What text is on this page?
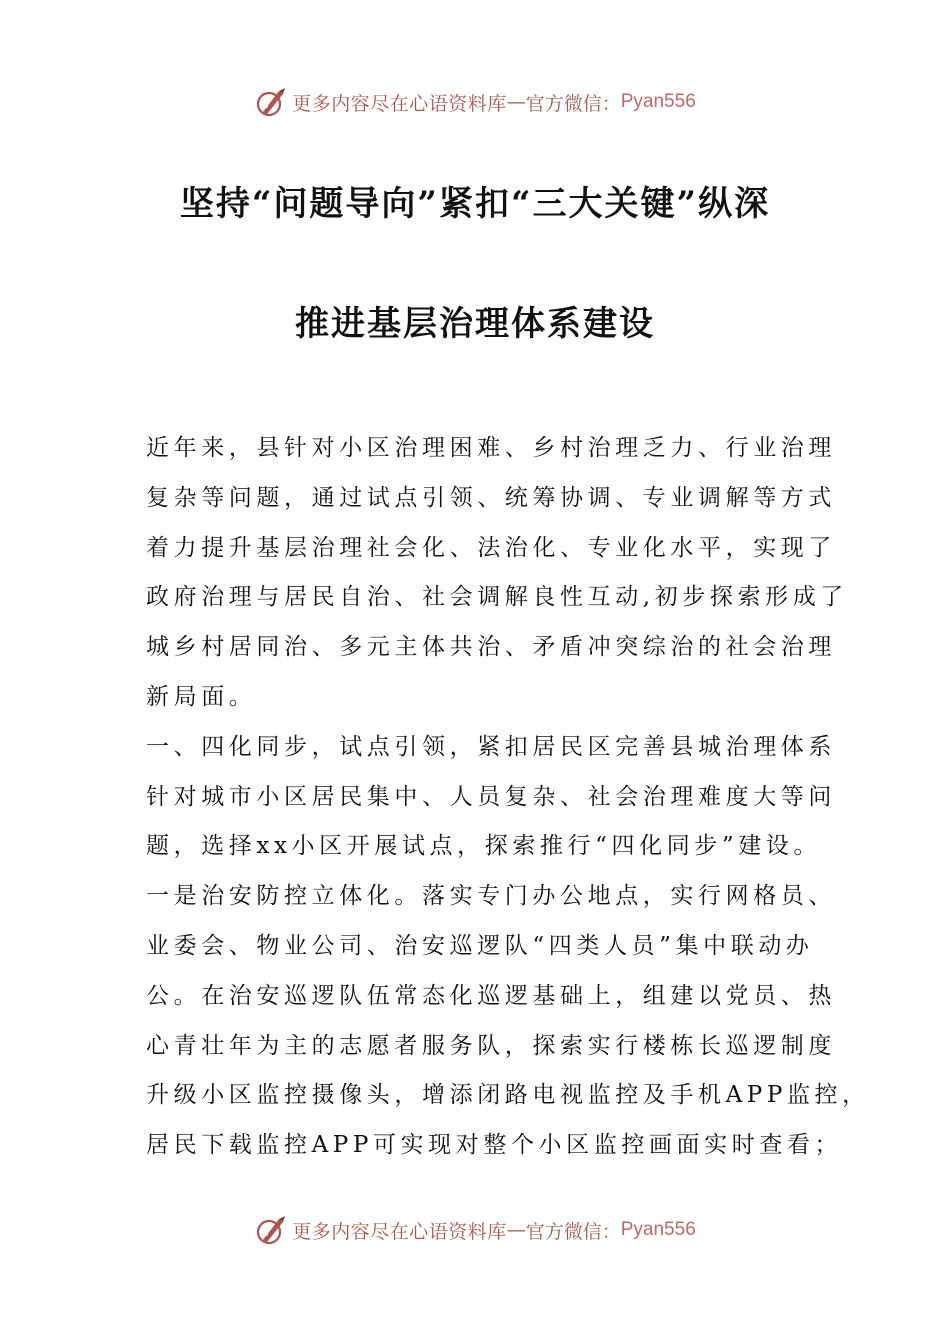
更多内容尽在心语资料库 — 官方微信： Pyan556
坚持“问题导向”紧扣“三大关键”纵深
推进基层治理体系建设
近年来，县针对小区治理困难、乡村治理乏力、行业治理
复杂等问题，通过试点引领、统筹协调、专业调解等方式
着力提升基层治理社会化、法治化、专业化水平，实现了
政府治理与居民自治、社会调解良性互动,初步探索形成了
城乡村居同治、多元主体共治、矛盾冲突综治的社会治理
新局面。
一、四化同步，试点引领，紧扣居民区完善县城治理体系
针对城市小区居民集中、人员复杂、社会治理难度大等问
题，选择xx小区开展试点，探索推行“四化同步”建设。
一是治安防控立体化。落实专门办公地点，实行网格员、
业委会、物业公司、治安巡逻队“四类人员”集中联动办
公。在治安巡逻队伍常态化巡逻基础上，组建以党员、热
心青壮年为主的志愿者服务队，探索实行楼栋长巡逻制度
升级小区监控摄像头，增添闭路电视监控及手机APP监控，
居民下载监控APP可实现对整个小区监控画面实时查看；
更多内容尽在心语资料库 — 官方微信： Pyan556
